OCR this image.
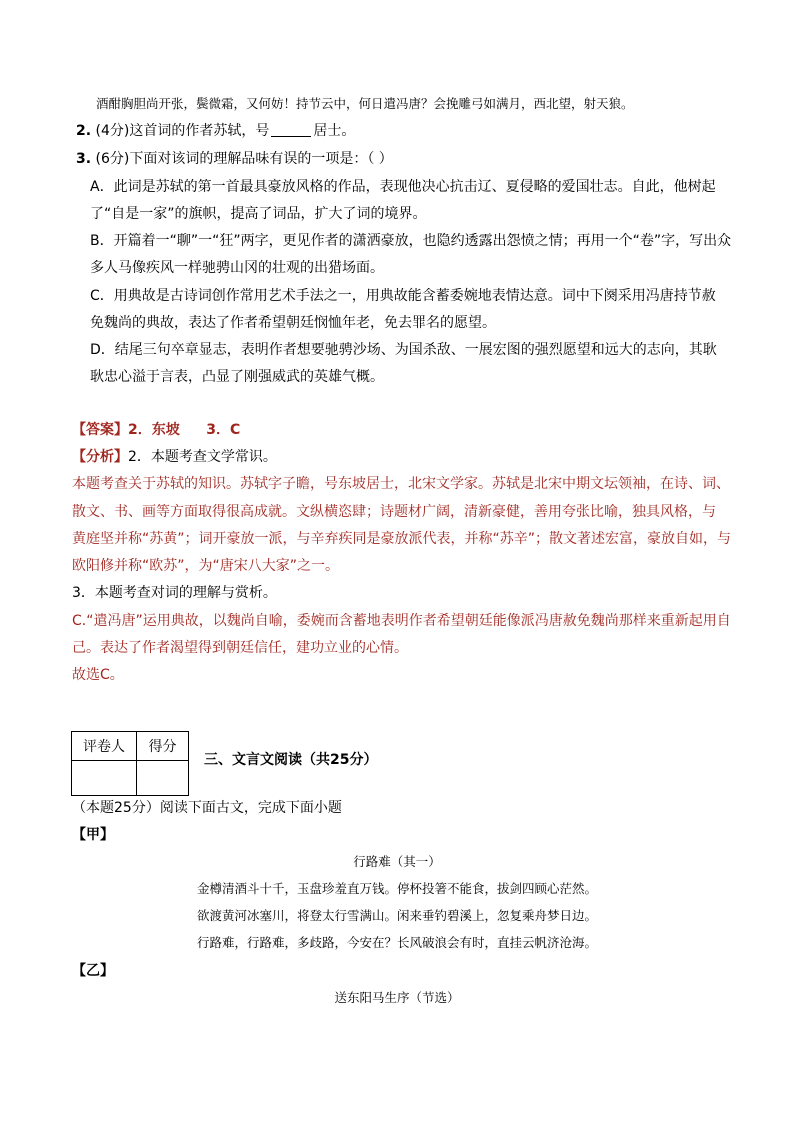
酒酣胸胆尚开张，鬓微霜，又何妨！持节云中，何日遣冯唐？会挽雕弓如满月，西北望，射天狼。
2. (4分)这首词的作者苏轼，号	居士。
3. (6分)下面对该词的理解品味有误的一项是：（ ）
A．此词是苏轼的第一首最具豪放风格的作品，表现他决心抗击辽、夏侵略的爱国壮志。自此，他树起
了“自是一家”的旗帜，提高了词品，扩大了词的境界。
B．开篇着一“聊”一“狂”两字，更见作者的潇洒豪放，也隐约透露出怨愤之情；再用一个“卷”字，写出众
多人马像疾风一样驰骋山冈的壮观的出猎场面。
C．用典故是古诗词创作常用艺术手法之一，用典故能含蓄委婉地表情达意。词中下阕采用冯唐持节赦
免魏尚的典故，表达了作者希望朝廷悯恤年老，免去罪名的愿望。
D．结尾三句卒章显志，表明作者想要驰骋沙场、为国杀敌、一展宏图的强烈愿望和远大的志向，其耿
耿忠心溢于言表，凸显了刚强威武的英雄气概。
【答案】2．东坡 3．C
【分析】2．本题考查文学常识。
本题考查关于苏轼的知识。苏轼字子瞻，号东坡居士，北宋文学家。苏轼是北宋中期文坛领袖，在诗、词、
散文、书、画等方面取得很高成就。文纵横恣肆；诗题材广阔，清新豪健，善用夸张比喻，独具风格，与
黄庭坚并称“苏黄”；词开豪放一派，与辛弃疾同是豪放派代表，并称“苏辛”；散文著述宏富，豪放自如，与
欧阳修并称“欧苏”，为“唐宋八大家”之一。
3．本题考查对词的理解与赏析。
C.“遣冯唐”运用典故，以魏尚自喻，委婉而含蓄地表明作者希望朝廷能像派冯唐赦免魏尚那样来重新起用自
己。表达了作者渴望得到朝廷信任，建功立业的心情。
故选C。
评卷人	得分

三、文言文阅读（共25分）
（本题25分）阅读下面古文，完成下面小题
【甲】
行路难（其一）
金樽清酒斗十千，玉盘珍羞直万钱。停杯投箸不能食，拔剑四顾心茫然。
欲渡黄河冰塞川，将登太行雪满山。闲来垂钓碧溪上，忽复乘舟梦日边。
行路难，行路难，多歧路，今安在？长风破浪会有时，直挂云帆济沧海。
【乙】
送东阳马生序（节选）
